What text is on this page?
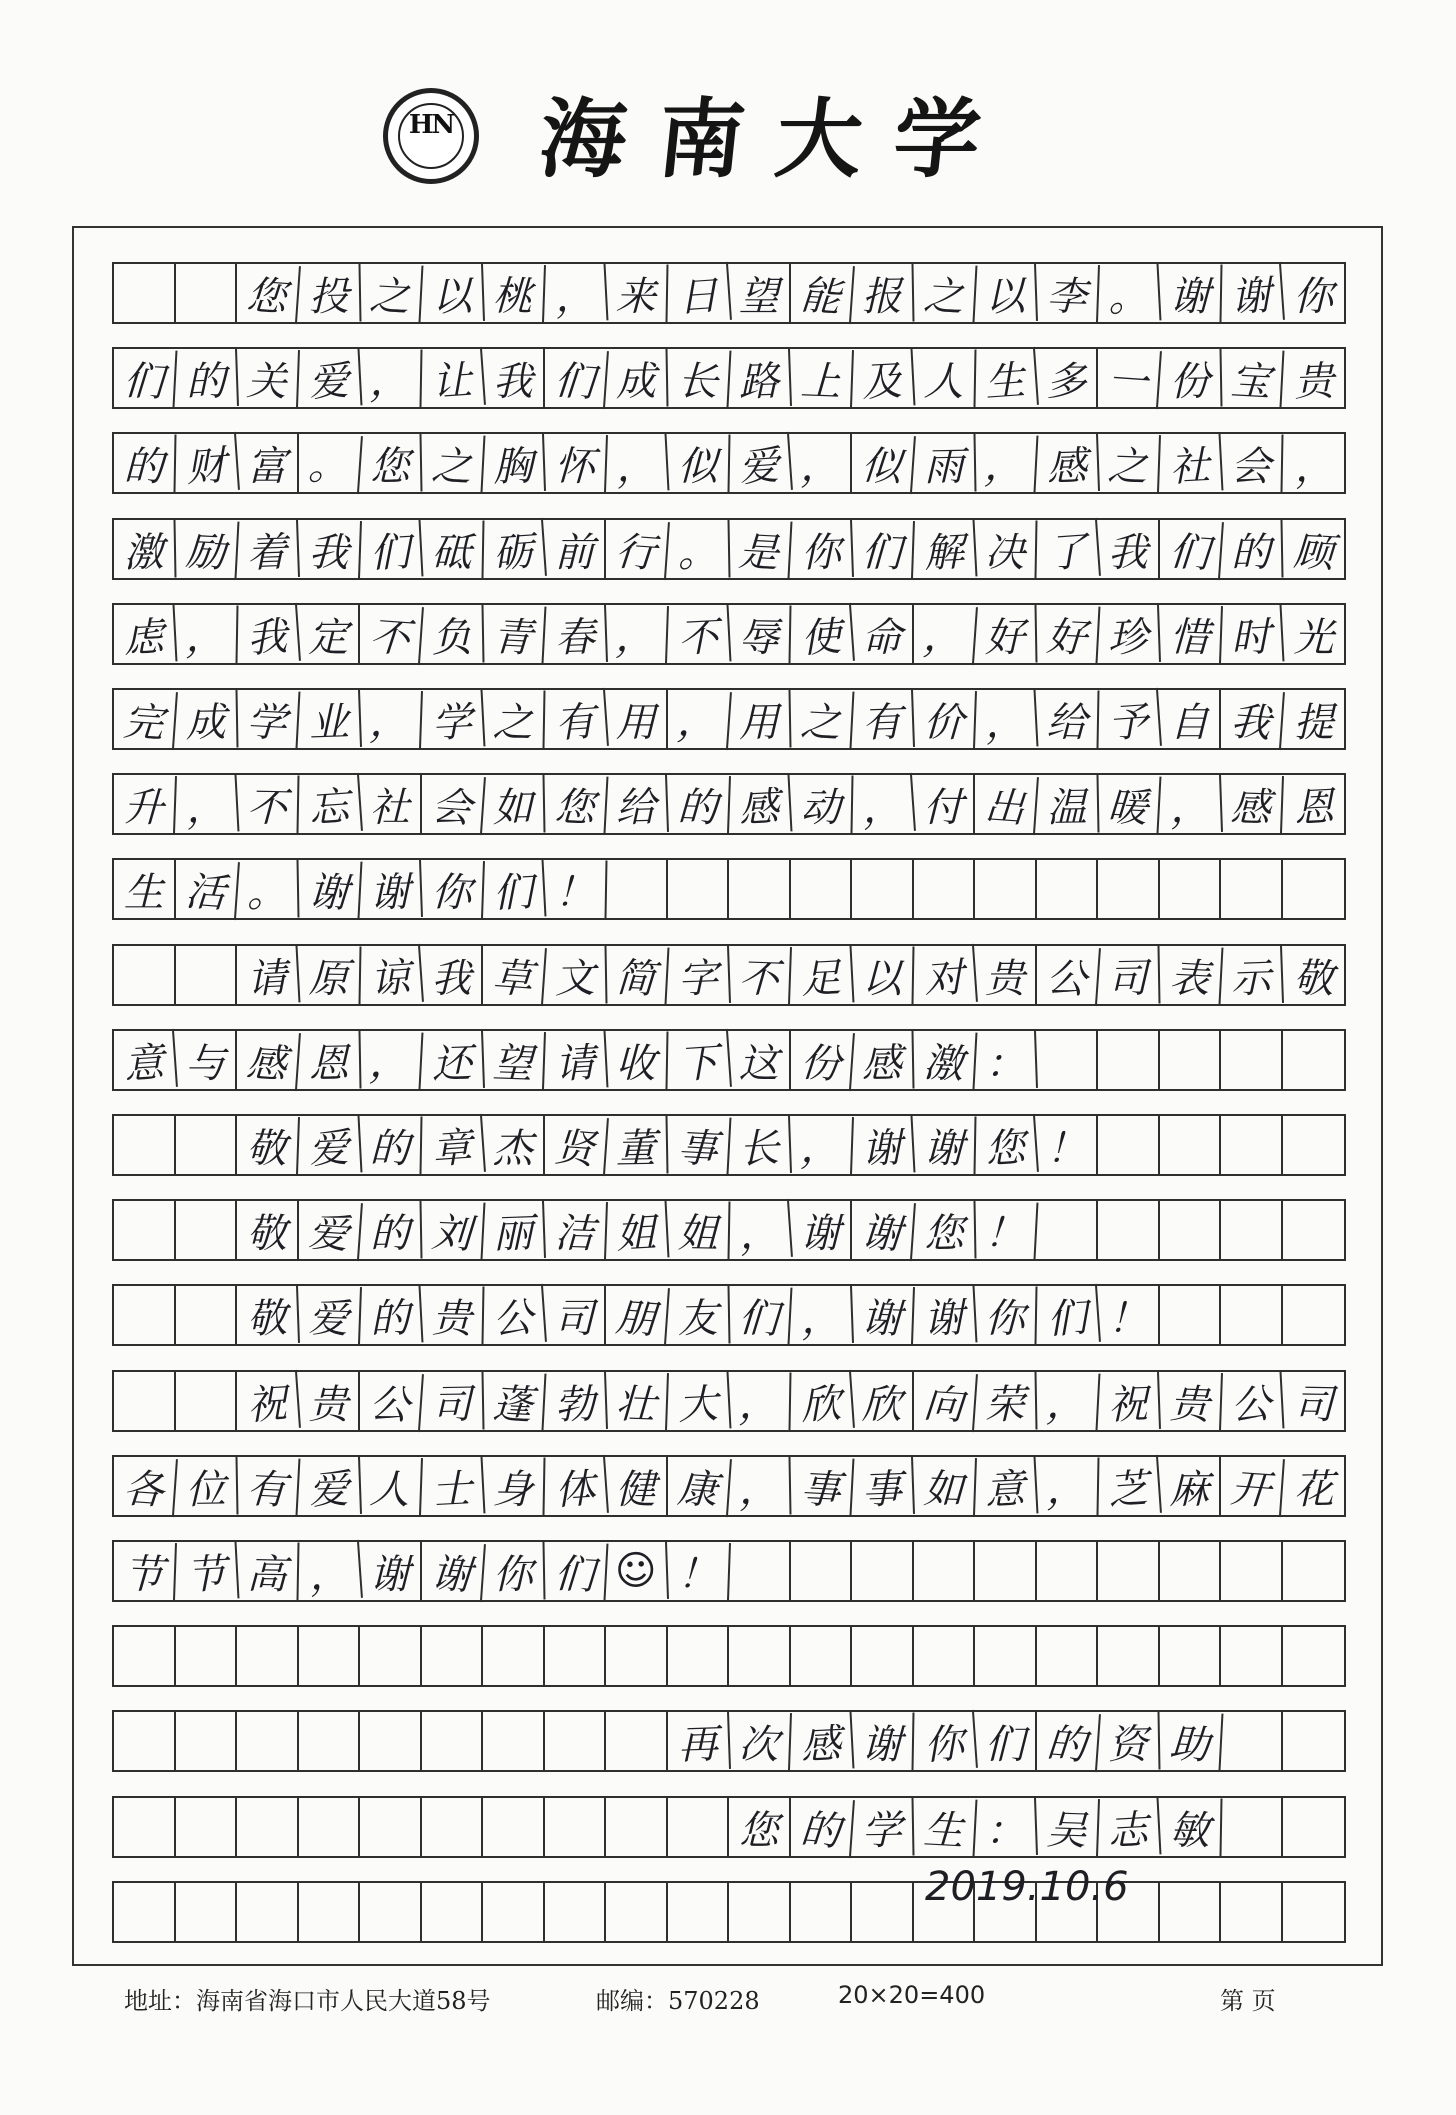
HN 海南大学
您 投 之 以 桃 ， 来 日 望 能 报 之 以 李 。 谢 谢 你
们 的 关 爱 ， 让 我 们 成 长 路 上 及 人 生 多 一 份 宝 贵
的 财 富 。 您 之 胸 怀 ， 似 爱 ， 似 雨 ， 感 之 社 会 ，
激 励 着 我 们 砥 砺 前 行 。 是 你 们 解 决 了 我 们 的 顾
虑 ， 我 定 不 负 青 春 ， 不 辱 使 命 ， 好 好 珍 惜 时 光
完 成 学 业 ， 学 之 有 用 ， 用 之 有 价 ， 给 予 自 我 提
升 ， 不 忘 社 会 如 您 给 的 感 动 ， 付 出 温 暖 ， 感 恩
生 活 。 谢 谢 你 们 ！
请 原 谅 我 草 文 简 字 不 足 以 对 贵 公 司 表 示 敬
意 与 感 恩 ， 还 望 请 收 下 这 份 感 激 ：
敬 爱 的 章 杰 贤 董 事 长 ， 谢 谢 您 ！
敬 爱 的 刘 丽 洁 姐 姐 ， 谢 谢 您 ！
敬 爱 的 贵 公 司 朋 友 们 ， 谢 谢 你 们 ！
祝 贵 公 司 蓬 勃 壮 大 ， 欣 欣 向 荣 ， 祝 贵 公 司
各 位 有 爱 人 士 身 体 健 康 ， 事 事 如 意 ， 芝 麻 开 花
节 节 高 ， 谢 谢 你 们 ☺ ！
再 次 感 谢 你 们 的 资 助
您 的 学 生 ： 吴 志 敏
2019.10.6
地址：海南省海口市人民大道58号	邮编：570228	20×20=400	第 页
